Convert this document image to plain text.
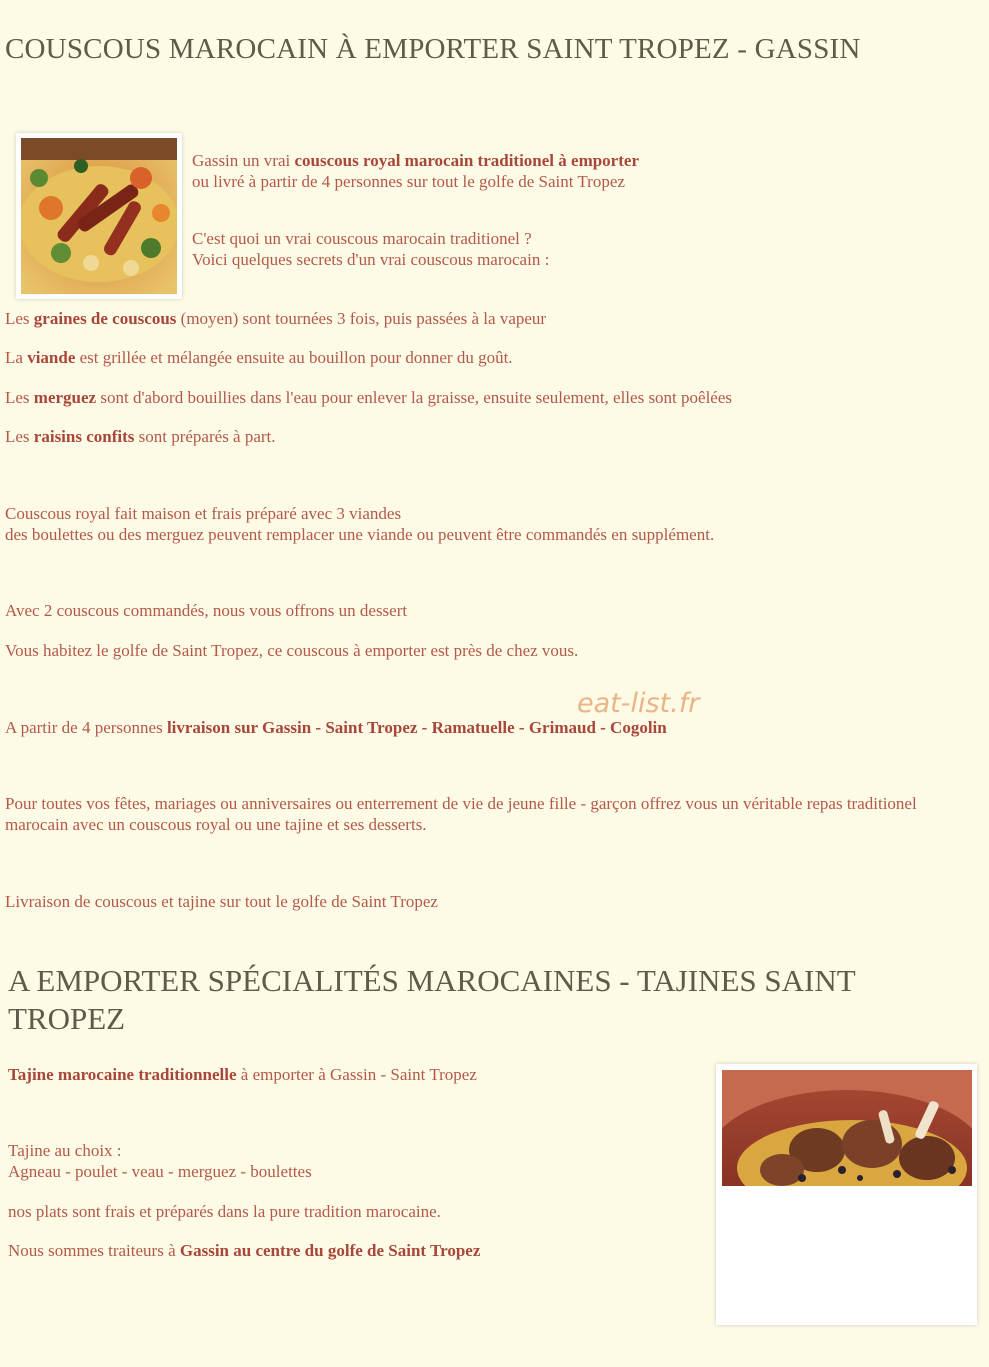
COUSCOUS MAROCAIN À EMPORTER SAINT TROPEZ - GASSIN

Gassin un vrai couscous royal marocain traditionel à emporter

ou livré à partir de 4 personnes sur tout le golfe de Saint Tropez

C'est quoi un vrai couscous marocain traditionel ?

Voici quelques secrets d'un vrai couscous marocain :

Les graines de couscous (moyen) sont tournées 3 fois, puis passées à la vapeur

La viande est grillée et mélangée ensuite au bouillon pour donner du goût.

Les merguez sont d'abord bouillies dans l'eau pour enlever la graisse, ensuite seulement, elles sont poêlées

Les raisins confits sont préparés à part.

Couscous royal fait maison et frais préparé avec 3 viandes

des boulettes ou des merguez peuvent remplacer une viande ou peuvent être commandés en supplément.

Avec 2 couscous commandés, nous vous offrons un dessert

Vous habitez le golfe de Saint Tropez, ce couscous à emporter est près de chez vous.

eat-list.fr

A partir de 4 personnes livraison sur Gassin - Saint Tropez - Ramatuelle - Grimaud - Cogolin

Pour toutes vos fêtes, mariages ou anniversaires ou enterrement de vie de jeune fille - garçon offrez vous un véritable repas traditionel marocain avec un couscous royal ou une tajine et ses desserts.

Livraison de couscous et tajine sur tout le golfe de Saint Tropez

A EMPORTER SPÉCIALITÉS MAROCAINES - TAJINES SAINT TROPEZ

Tajine marocaine traditionnelle à emporter à Gassin - Saint Tropez

Tajine au choix :

Agneau - poulet - veau - merguez - boulettes

nos plats sont frais et préparés dans la pure tradition marocaine.

Nous sommes traiteurs à Gassin au centre du golfe de Saint Tropez
